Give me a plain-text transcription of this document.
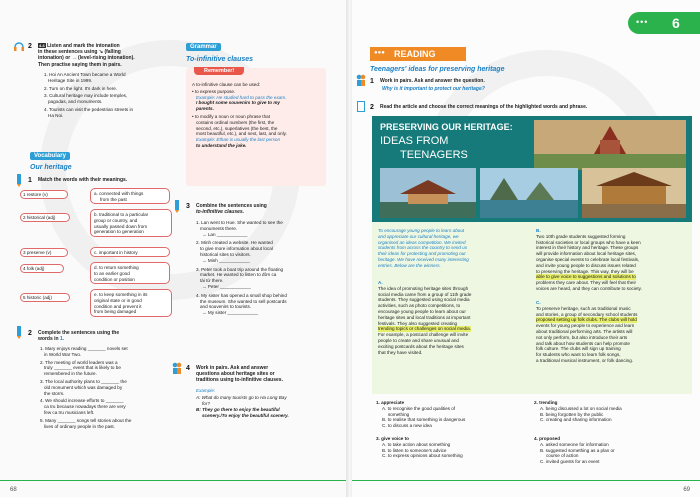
2 4.4 Listen and mark the intonation
in these sentences using ↘ (falling
intonation) or → (level-rising intonation).
Then practise saying them in pairs.
1. Hoi An Ancient Town became a World
Heritage Site in 1999.
2. Turn on the light. It's dark in here.
3. Cultural heritage may include temples,
pagodas, and monuments.
4. Tourists can visit the pedestrian streets in
Ha Noi.
Vocabulary
Our heritage
1 Match the words with their meanings.
1 restore (v)
2 historical (adj)
3 preserve (v)
4 folk (adj)
5 historic (adj)
a. connected with things
from the past
b. traditional to a particular
group or country, and
usually passed down from
generation to generation
c. important in history
d. to return something
to an earlier good
condition or position
e. to keep something in its
original state or in good
condition and prevent it
from being damaged
2 Complete the sentences using the
words in 1.
1. Mary enjoys reading _______ novels set
in World War Two.
2. The meeting of world leaders was a
truly _______ event that is likely to be
remembered in the future.
3. The local authority plans to _______ the
old monument which was damaged by
the storm.
4. We should increase efforts to _______
ca tru because nowadays there are very
few ca tru musicians left.
5. Many _______ songs tell stories about the
lives of ordinary people in the past.
Grammar
To-infinitive clauses
Remember!
A to-infinitive clause can be used:
• to express purpose.
Example: He studied hard to pass the exam.
I bought some souvenirs to give to my
parents.
• to modify a noun or noun phrase that
contains ordinal numbers (the first, the
second, etc.), superlatives (the best, the
most beautiful, etc.), and next, last, and only.
Example: Ethan is usually the last person
to understand the joke.
3 Combine the sentences using
to-infinitive clauses.
1. Lan went to Hue. She wanted to see the
monuments there.
→ Lan ____________
2. Minh created a website. He wanted
to give more information about local
historical sites to visitors.
→ Minh ____________
3. Peter took a boat trip around the floating
market. He wanted to listen to đờn ca
tài tử there.
→ Peter ____________
4. My sister has opened a small shop behind
the museum. She wanted to sell postcards
and souvenirs to tourists.
→ My sister ____________
4 Work in pairs. Ask and answer
questions about heritage sites or
traditions using to-infinitive clauses.
Example:
A: What do many tourists go to Ha Long Bay
for?
B: They go there to enjoy the beautiful
scenery./To enjoy the beautiful scenery.
68
••• 6
●●● READING
Teenagers' ideas for preserving heritage
1 Work in pairs. Ask and answer the question.
Why is it important to protect our heritage?
2 Read the article and choose the correct meanings of the highlighted words and phrase.
PRESERVING OUR HERITAGE:
IDEAS FROM
TEENAGERS
To encourage young people to learn about
and appreciate our cultural heritage, we
organised an ideas competition. We invited
students from across the country to send us
their ideas for protecting and promoting our
heritage. We have received many interesting
entries. Below are the winners.
A.
The idea of promoting heritage sites through
social media came from a group of 11th grade
students. They suggested using social media
activities, such as photo competitions, to
encourage young people to learn about our
heritage sites and local traditions at important
festivals. They also suggested creating
trending topics or challenges on social media.
For example, a postcard challenge will invite
people to create and share unusual and
exciting postcards about the heritage sites
that they have visited.
B.
Two 10th grade students suggested forming
historical societies or local groups who have a keen
interest in their history and heritage. These groups
will provide information about local heritage sites,
organise special events to celebrate local festivals,
and invite young people to discuss issues related
to preserving the heritage. This way, they will be
able to give voice to suggestions and solutions to
problems they care about. They will feel that their
voices are heard, and they can contribute to society.
C.
To preserve heritage, such as traditional music
and stories, a group of secondary school students
proposed setting up folk clubs. The clubs will hold
events for young people to experience and learn
about traditional performing arts. The artists will
not only perform, but also introduce their arts
and talk about how students can help promote
folk culture. The clubs will sign up training
for students who want to learn folk songs,
a traditional musical instrument, or folk dancing.
1. appreciate
A. to recognise the good qualities of
something
B. to realise that something is dangerous
C. to discuss a new idea
3. give voice to
A. to take action about something
B. to listen to someone's advice
C. to express opinions about something
2. trending
A. being discussed a lot on social media
B. being forgotten by the public
C. creating and sharing information
4. proposed
A. asked someone for information
B. suggested something as a plan or
course of action
C. invited guests for an event
69
